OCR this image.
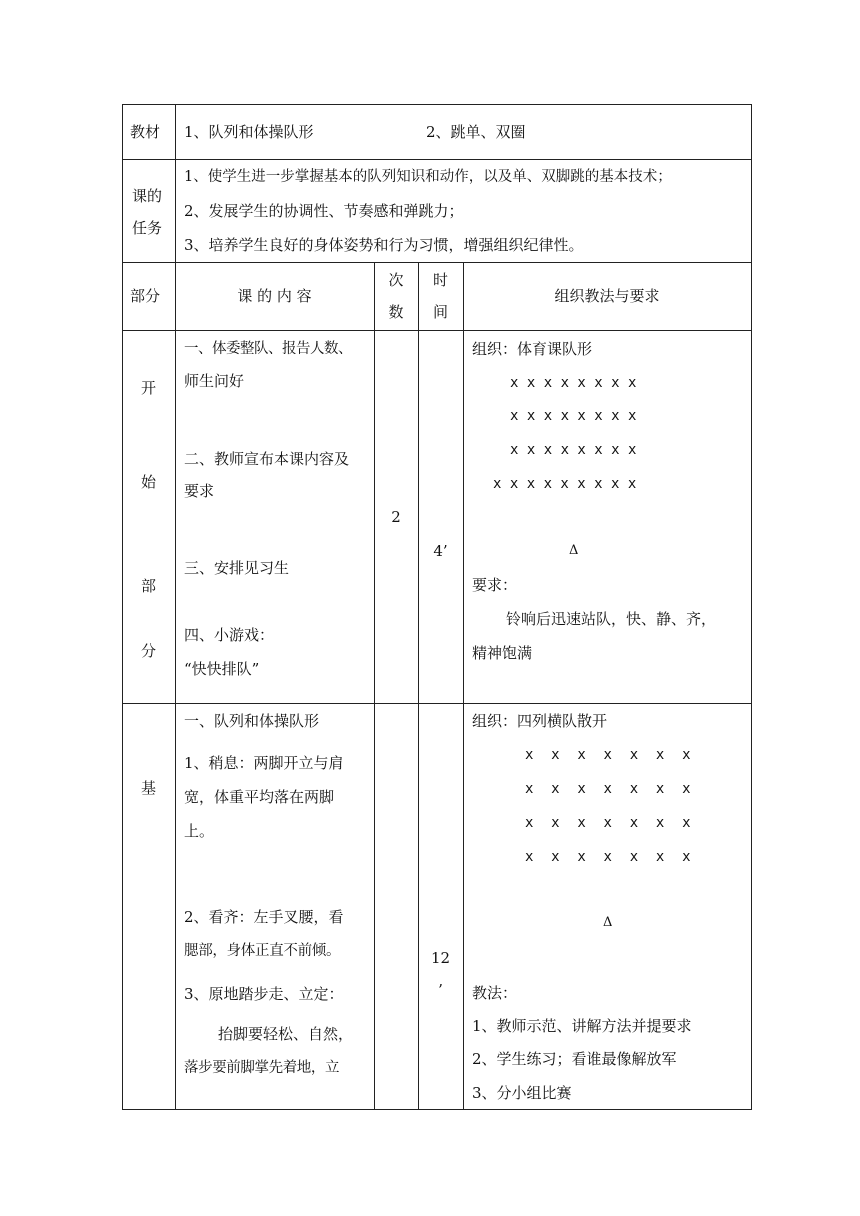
教材 1、队列和体操队形	2、跳单、双圈
课的
任务
1、使学生进一步掌握基本的队列知识和动作，以及单、双脚跳的基本技术；
2、发展学生的协调性、节奏感和弹跳力；
3、培养学生良好的身体姿势和行为习惯，增强组织纪律性。
部分	课 的 内 容
次
数
时
间
组织教法与要求
开
始
部
分
一、体委整队、报告人数、
师生问好
二、教师宣布本课内容及
要求
三、安排见习生
四、小游戏：
“快快排队”
2
4’
组织：体育课队形
x x x x x x x x
x x x x x x x x
x x x x x x x x
x x x x x x x x x
Δ
要求：
铃响后迅速站队，快、静、齐，
精神饱满
基
一、队列和体操队形
1、稍息：两脚开立与肩
宽，体重平均落在两脚
上。
2、看齐：左手叉腰，看
腮部，身体正直不前倾。
3、原地踏步走、立定：
抬脚要轻松、自然，
落步要前脚掌先着地，立
12
’
组织：四列横队散开
x  x  x  x  x  x  x
x  x  x  x  x  x  x
x  x  x  x  x  x  x
x  x  x  x  x  x  x
Δ
教法：
1、教师示范、讲解方法并提要求
2、学生练习；看谁最像解放军
3、分小组比赛
